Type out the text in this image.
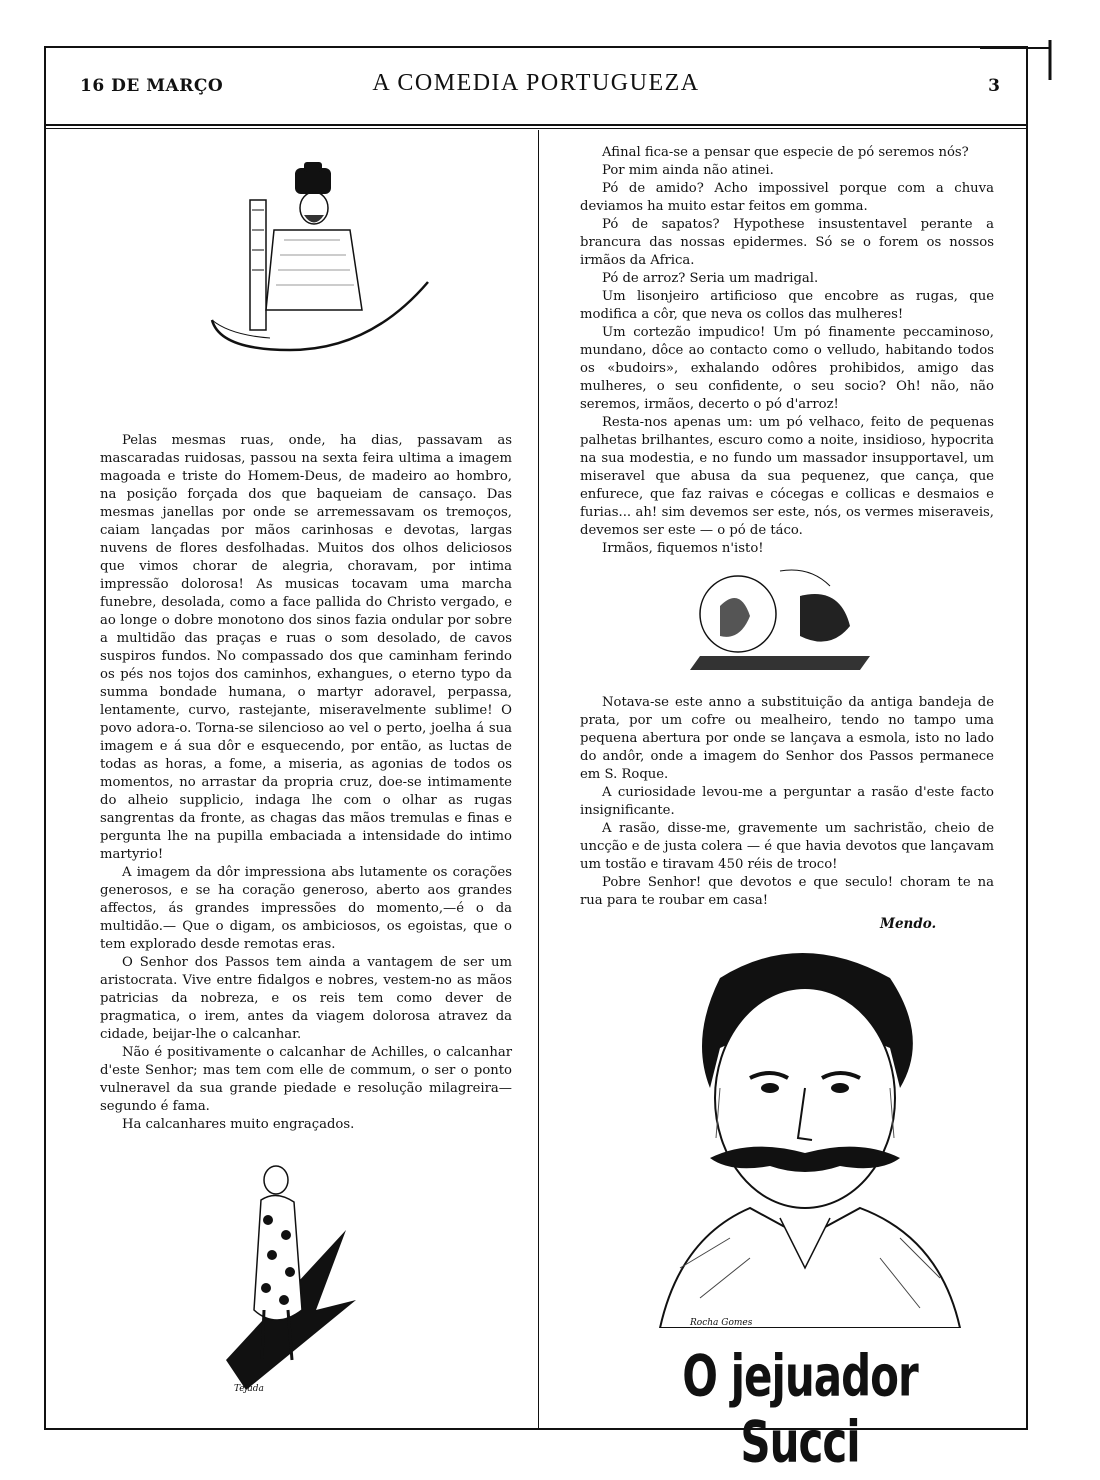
16 DE MARÇO	A COMEDIA PORTUGUEZA	3

Pelas mesmas ruas, onde, ha dias, passavam as mascaradas ruidosas, passou na sexta feira ultima a imagem magoada e triste do Homem-Deus, de madeiro ao hombro, na posição forçada dos que baqueiam de cansaço. Das mesmas janellas por onde se arremessavam os tremoços, caiam lançadas por mãos carinhosas e devotas, largas nuvens de flores desfolhadas. Muitos dos olhos deliciosos que vimos chorar de alegria, choravam, por intima impressão dolorosa! As musicas tocavam uma marcha funebre, desolada, como a face pallida do Christo vergado, e ao longe o dobre monotono dos sinos fazia ondular por sobre a multidão das praças e ruas o som desolado, de cavos suspiros fundos. No compassado dos que caminham ferindo os pés nos tojos dos caminhos, exhangues, o eterno typo da summa bondade humana, o martyr adoravel, perpassa, lentamente, curvo, rastejante, miseravelmente sublime! O povo adora-o. Torna-se silencioso ao vel o perto, joelha á sua imagem e á sua dôr e esquecendo, por então, as luctas de todas as horas, a fome, a miseria, as agonias de todos os momentos, no arrastar da propria cruz, doe-se intimamente do alheio supplicio, indaga lhe com o olhar as rugas sangrentas da fronte, as chagas das mãos tremulas e finas e pergunta lhe na pupilla embaciada a intensidade do intimo martyrio!

A imagem da dôr impressiona abs lutamente os corações generosos, e se ha coração generoso, aberto aos grandes affectos, ás grandes impressões do momento,—é o da multidão.— Que o digam, os ambiciosos, os egoistas, que o tem explorado desde remotas eras.

O Senhor dos Passos tem ainda a vantagem de ser um aristocrata. Vive entre fidalgos e nobres, vestem-no as mãos patricias da nobreza, e os reis tem como dever de pragmatica, o irem, antes da viagem dolorosa atravez da cidade, beijar-lhe o calcanhar.

Não é positivamente o calcanhar de Achilles, o calcanhar d'este Senhor; mas tem com elle de commum, o ser o ponto vulneravel da sua grande piedade e resolução milagreira— segundo é fama.

Ha calcanhares muito engraçados.

Tejada

Afinal fica-se a pensar que especie de pó seremos nós?

Por mim ainda não atinei.

Pó de amido? Acho impossivel porque com a chuva deviamos ha muito estar feitos em gomma.

Pó de sapatos? Hypothese insustentavel perante a brancura das nossas epidermes. Só se o forem os nossos irmãos da Africa.

Pó de arroz? Seria um madrigal.

Um lisonjeiro artificioso que encobre as rugas, que modifica a côr, que neva os collos das mulheres!

Um cortezão impudico! Um pó finamente peccaminoso, mundano, dôce ao contacto como o velludo, habitando todos os «budoirs», exhalando odôres prohibidos, amigo das mulheres, o seu confidente, o seu socio? Oh! não, não seremos, irmãos, decerto o pó d'arroz!

Resta-nos apenas um: um pó velhaco, feito de pequenas palhetas brilhantes, escuro como a noite, insidioso, hypocrita na sua modestia, e no fundo um massador insupportavel, um miseravel que abusa da sua pequenez, que cança, que enfurece, que faz raivas e cócegas e collicas e desmaios e furias... ah! sim devemos ser este, nós, os vermes miseraveis, devemos ser este — o pó de táco.

Irmãos, fiquemos n'isto!

Notava-se este anno a substituição da antiga bandeja de prata, por um cofre ou mealheiro, tendo no tampo uma pequena abertura por onde se lançava a esmola, isto no lado do andôr, onde a imagem do Senhor dos Passos permanece em S. Roque.

A curiosidade levou-me a perguntar a rasão d'este facto insignificante.

A rasão, disse-me, gravemente um sachristão, cheio de uncção e de justa colera — é que havia devotos que lançavam um tostão e tiravam 450 réis de troco!

Pobre Senhor! que devotos e que seculo! choram te na rua para te roubar em casa!

Mendo.
Rocha Gomes
O jejuador Succi
